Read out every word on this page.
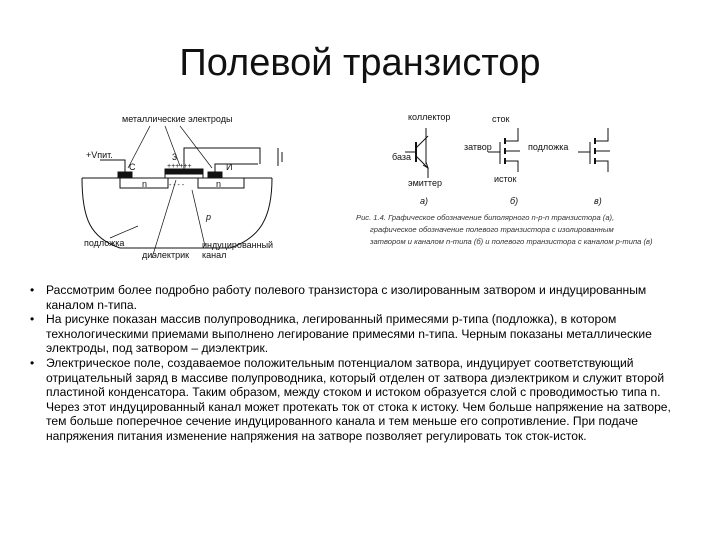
Полевой транзистор
металлические электроды
+Vпит.	3
++++++
- - - -
С	И
n	n
р
подложка
диэлектрик
индуцированный
канал
коллектор
база
эмиттер
сток
затвор
исток
подложка
а)	б)	в)
Рис. 1.4. Графическое обозначение биполярного n-p-n транзистора (а),
графическое обозначение полевого транзистора с изолированным
затвором и каналом n-типа (б) и полевого транзистора с каналом p-типа (в)
• Рассмотрим более подробно работу полевого транзистора с изолированным затвором и индуцированным каналом n-типа.
• На рисунке показан массив полупроводника, легированный примесями р-типа (подложка), в котором технологическими приемами выполнено легирование примесями n-типа. Черным показаны металлические электроды, под затвором – диэлектрик.
• Электрическое поле, создаваемое положительным потенциалом затвора, индуцирует соответствующий отрицательный заряд в массиве полупроводника, который отделен от затвора диэлектриком и служит второй пластиной конденсатора. Таким образом, между стоком и истоком образуется слой с проводимостью типа n. Через этот индуцированный канал может протекать ток от стока к истоку. Чем больше напряжение на затворе, тем больше поперечное сечение индуцированного канала и тем меньше его сопротивление. При подаче напряжения питания изменение напряжения на затворе позволяет регулировать ток сток-исток.
